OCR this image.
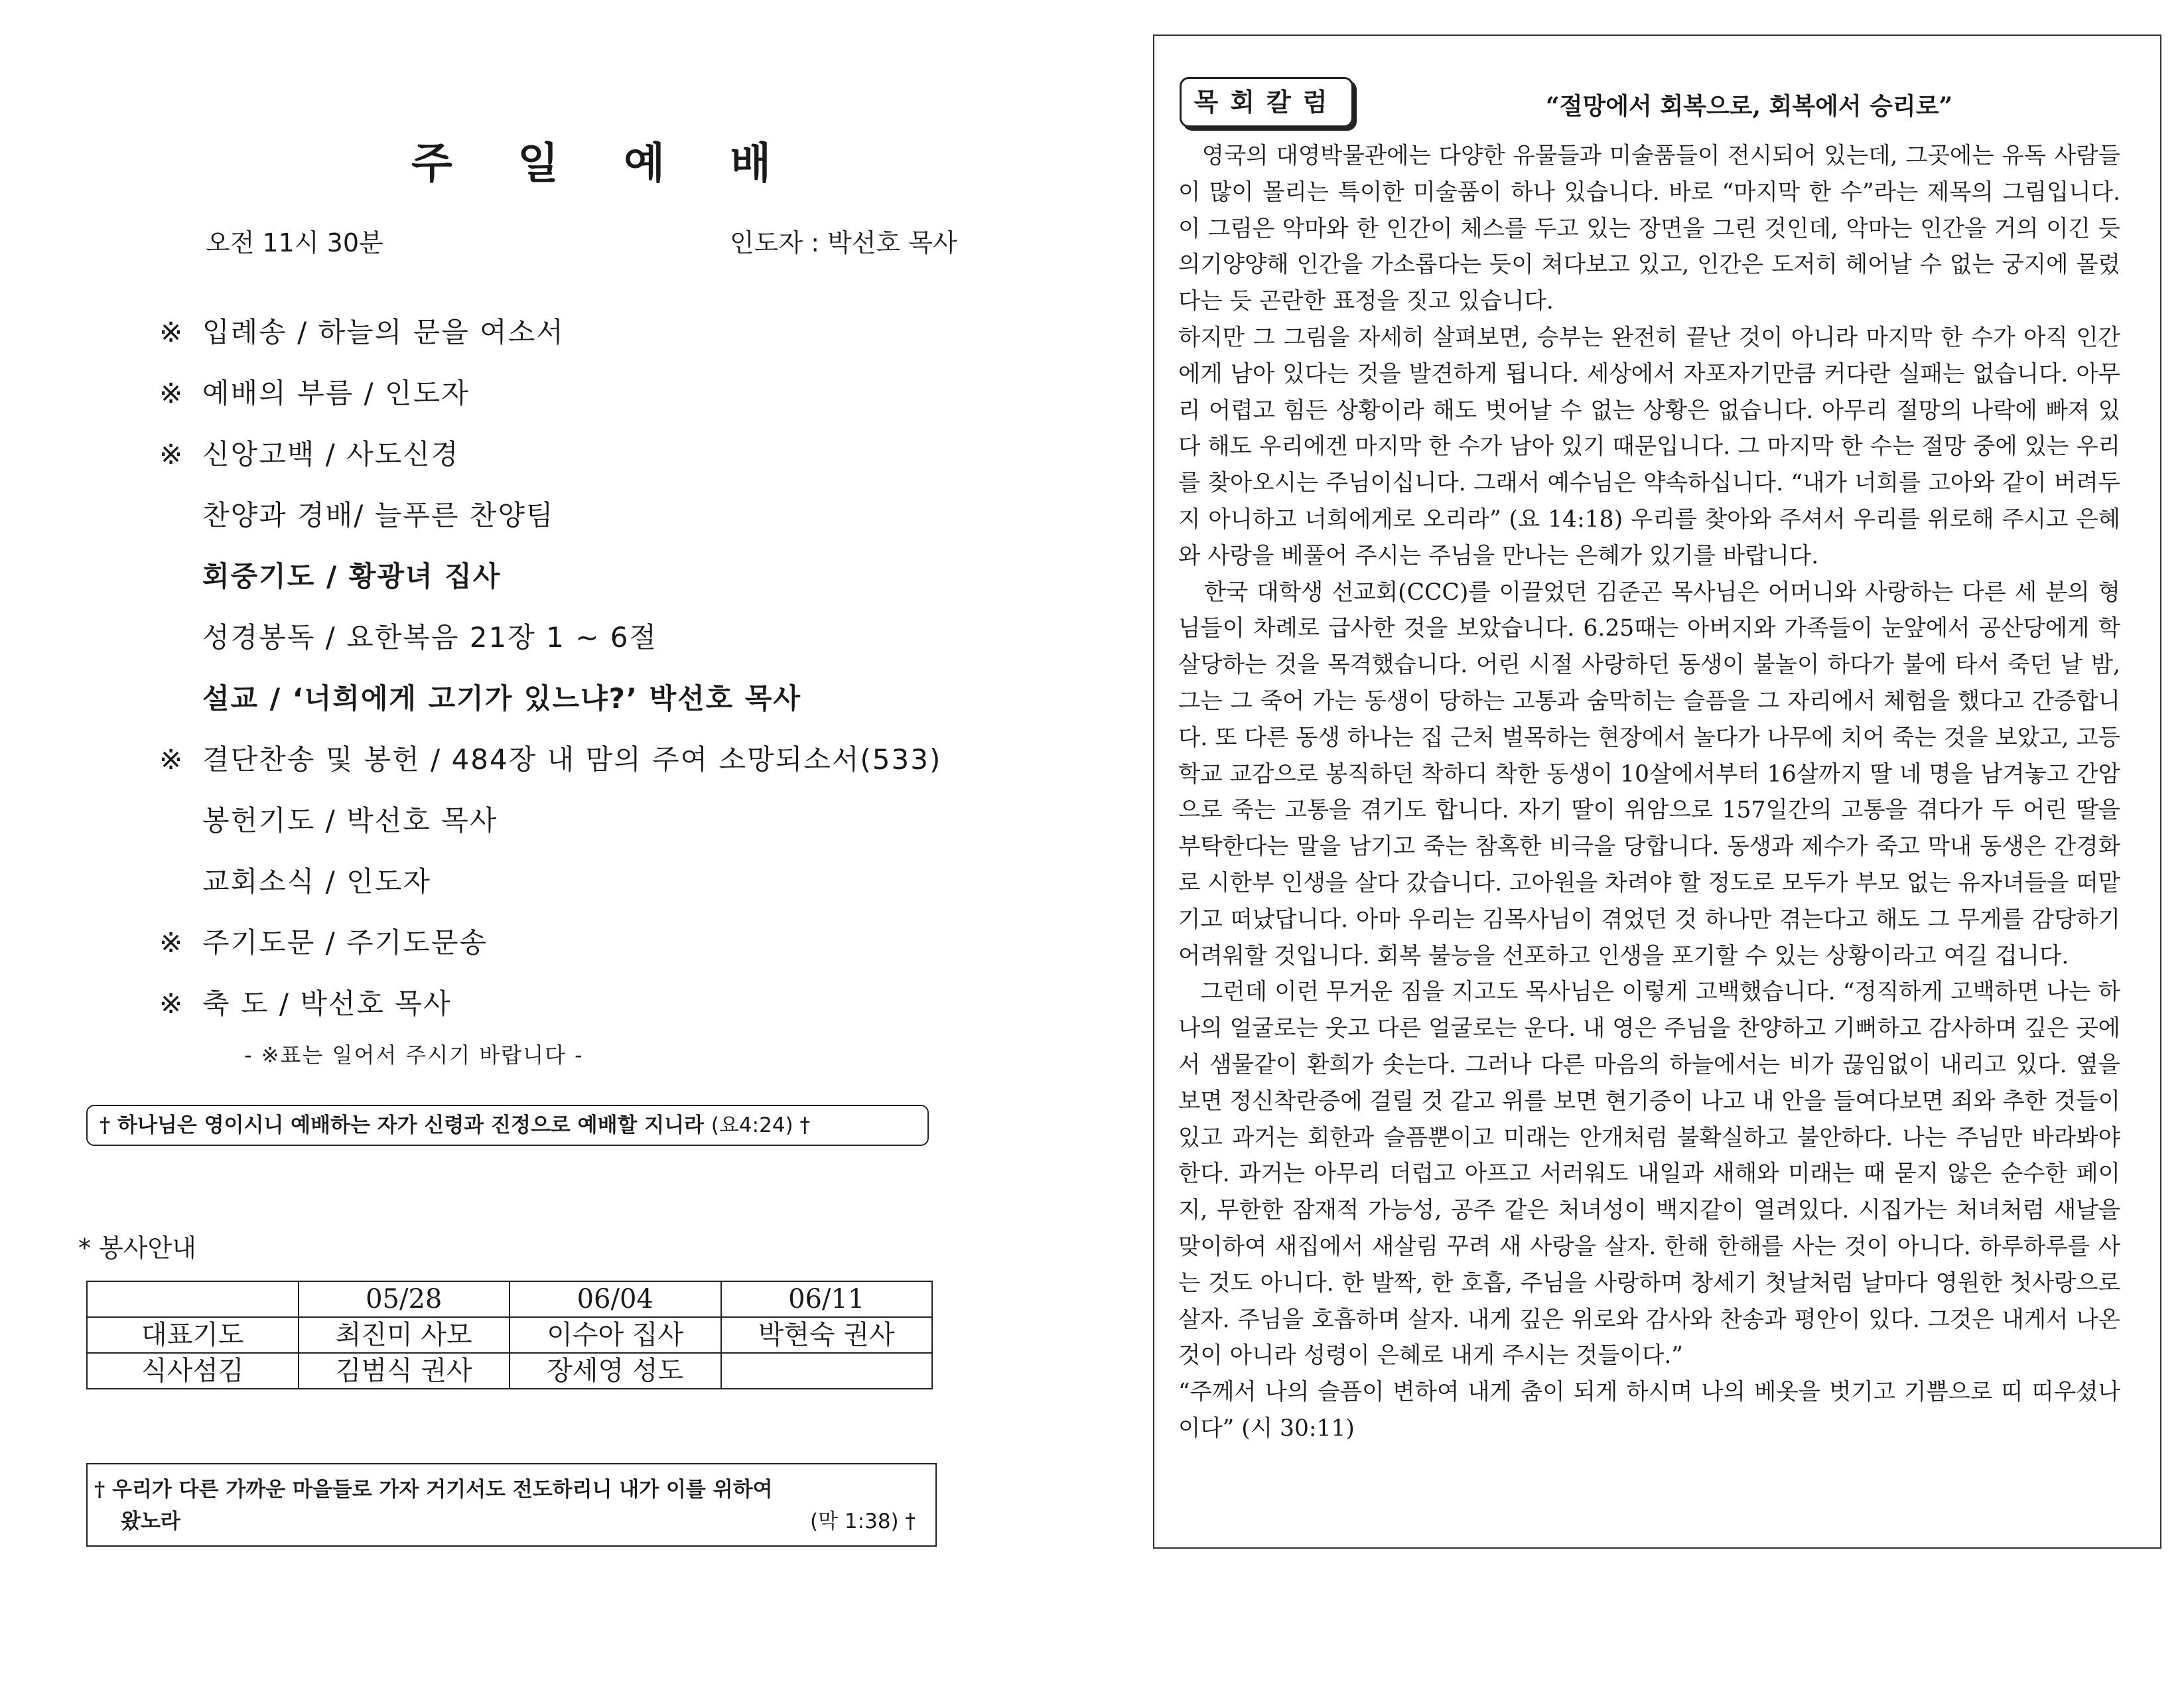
주 일 예 배
오전 11시 30분	인도자 : 박선호 목사
※ 입례송 / 하늘의 문을 여소서
※ 예배의 부름 / 인도자
※ 신앙고백 / 사도신경
찬양과 경배/ 늘푸른 찬양팀
회중기도 / 황광녀 집사
성경봉독 / 요한복음 21장 1 ~ 6절
설교 / ‘너희에게 고기가 있느냐?’ 박선호 목사
※ 결단찬송 및 봉헌 / 484장 내 맘의 주여 소망되소서(533)
봉헌기도 / 박선호 목사
교회소식 / 인도자
※ 주기도문 / 주기도문송
※ 축 도 / 박선호 목사
- ※표는 일어서 주시기 바랍니다 -
† 하나님은 영이시니 예배하는 자가 신령과 진정으로 예배할 지니라 (요4:24) †
* 봉사안내
	05/28	06/04	06/11
대표기도	최진미 사모	이수아 집사	박현숙 권사
식사섬김	김범식 권사	장세영 성도	
† 우리가 다른 가까운 마을들로 가자 거기서도 전도하리니 내가 이를 위하여
왔노라	(막 1:38) †
목회칼럼	“절망에서 회복으로, 회복에서 승리로”

영국의 대영박물관에는 다양한 유물들과 미술품들이 전시되어 있는데, 그곳에는 유독 사람들이 많이 몰리는 특이한 미술품이 하나 있습니다. 바로 “마지막 한 수”라는 제목의 그림입니다. 이 그림은 악마와 한 인간이 체스를 두고 있는 장면을 그린 것인데, 악마는 인간을 거의 이긴 듯 의기양양해 인간을 가소롭다는 듯이 쳐다보고 있고, 인간은 도저히 헤어날 수 없는 궁지에 몰렸다는 듯 곤란한 표정을 짓고 있습니다.

하지만 그 그림을 자세히 살펴보면, 승부는 완전히 끝난 것이 아니라 마지막 한 수가 아직 인간에게 남아 있다는 것을 발견하게 됩니다. 세상에서 자포자기만큼 커다란 실패는 없습니다. 아무리 어렵고 힘든 상황이라 해도 벗어날 수 없는 상황은 없습니다. 아무리 절망의 나락에 빠져 있다 해도 우리에겐 마지막 한 수가 남아 있기 때문입니다. 그 마지막 한 수는 절망 중에 있는 우리를 찾아오시는 주님이십니다. 그래서 예수님은 약속하십니다. “내가 너희를 고아와 같이 버려두지 아니하고 너희에게로 오리라” (요 14:18) 우리를 찾아와 주셔서 우리를 위로해 주시고 은혜와 사랑을 베풀어 주시는 주님을 만나는 은혜가 있기를 바랍니다.

한국 대학생 선교회(CCC)를 이끌었던 김준곤 목사님은 어머니와 사랑하는 다른 세 분의 형님들이 차례로 급사한 것을 보았습니다. 6.25때는 아버지와 가족들이 눈앞에서 공산당에게 학살당하는 것을 목격했습니다. 어린 시절 사랑하던 동생이 불놀이 하다가 불에 타서 죽던 날 밤, 그는 그 죽어 가는 동생이 당하는 고통과 숨막히는 슬픔을 그 자리에서 체험을 했다고 간증합니다. 또 다른 동생 하나는 집 근처 벌목하는 현장에서 놀다가 나무에 치어 죽는 것을 보았고, 고등학교 교감으로 봉직하던 착하디 착한 동생이 10살에서부터 16살까지 딸 네 명을 남겨놓고 간암으로 죽는 고통을 겪기도 합니다. 자기 딸이 위암으로 157일간의 고통을 겪다가 두 어린 딸을 부탁한다는 말을 남기고 죽는 참혹한 비극을 당합니다. 동생과 제수가 죽고 막내 동생은 간경화로 시한부 인생을 살다 갔습니다. 고아원을 차려야 할 정도로 모두가 부모 없는 유자녀들을 떠맡기고 떠났답니다. 아마 우리는 김목사님이 겪었던 것 하나만 겪는다고 해도 그 무게를 감당하기 어려워할 것입니다. 회복 불능을 선포하고 인생을 포기할 수 있는 상황이라고 여길 겁니다.

그런데 이런 무거운 짐을 지고도 목사님은 이렇게 고백했습니다. “정직하게 고백하면 나는 하나의 얼굴로는 웃고 다른 얼굴로는 운다. 내 영은 주님을 찬양하고 기뻐하고 감사하며 깊은 곳에서 샘물같이 환희가 솟는다. 그러나 다른 마음의 하늘에서는 비가 끊임없이 내리고 있다. 옆을 보면 정신착란증에 걸릴 것 같고 위를 보면 현기증이 나고 내 안을 들여다보면 죄와 추한 것들이 있고 과거는 회한과 슬픔뿐이고 미래는 안개처럼 불확실하고 불안하다. 나는 주님만 바라봐야 한다. 과거는 아무리 더럽고 아프고 서러워도 내일과 새해와 미래는 때 묻지 않은 순수한 페이지, 무한한 잠재적 가능성, 공주 같은 처녀성이 백지같이 열려있다. 시집가는 처녀처럼 새날을 맞이하여 새집에서 새살림 꾸려 새 사랑을 살자. 한해 한해를 사는 것이 아니다. 하루하루를 사는 것도 아니다. 한 발짝, 한 호흡, 주님을 사랑하며 창세기 첫날처럼 날마다 영원한 첫사랑으로 살자. 주님을 호흡하며 살자. 내게 깊은 위로와 감사와 찬송과 평안이 있다. 그것은 내게서 나온 것이 아니라 성령이 은혜로 내게 주시는 것들이다.”

“주께서 나의 슬픔이 변하여 내게 춤이 되게 하시며 나의 베옷을 벗기고 기쁨으로 띠 띠우셨나이다” (시 30:11)
